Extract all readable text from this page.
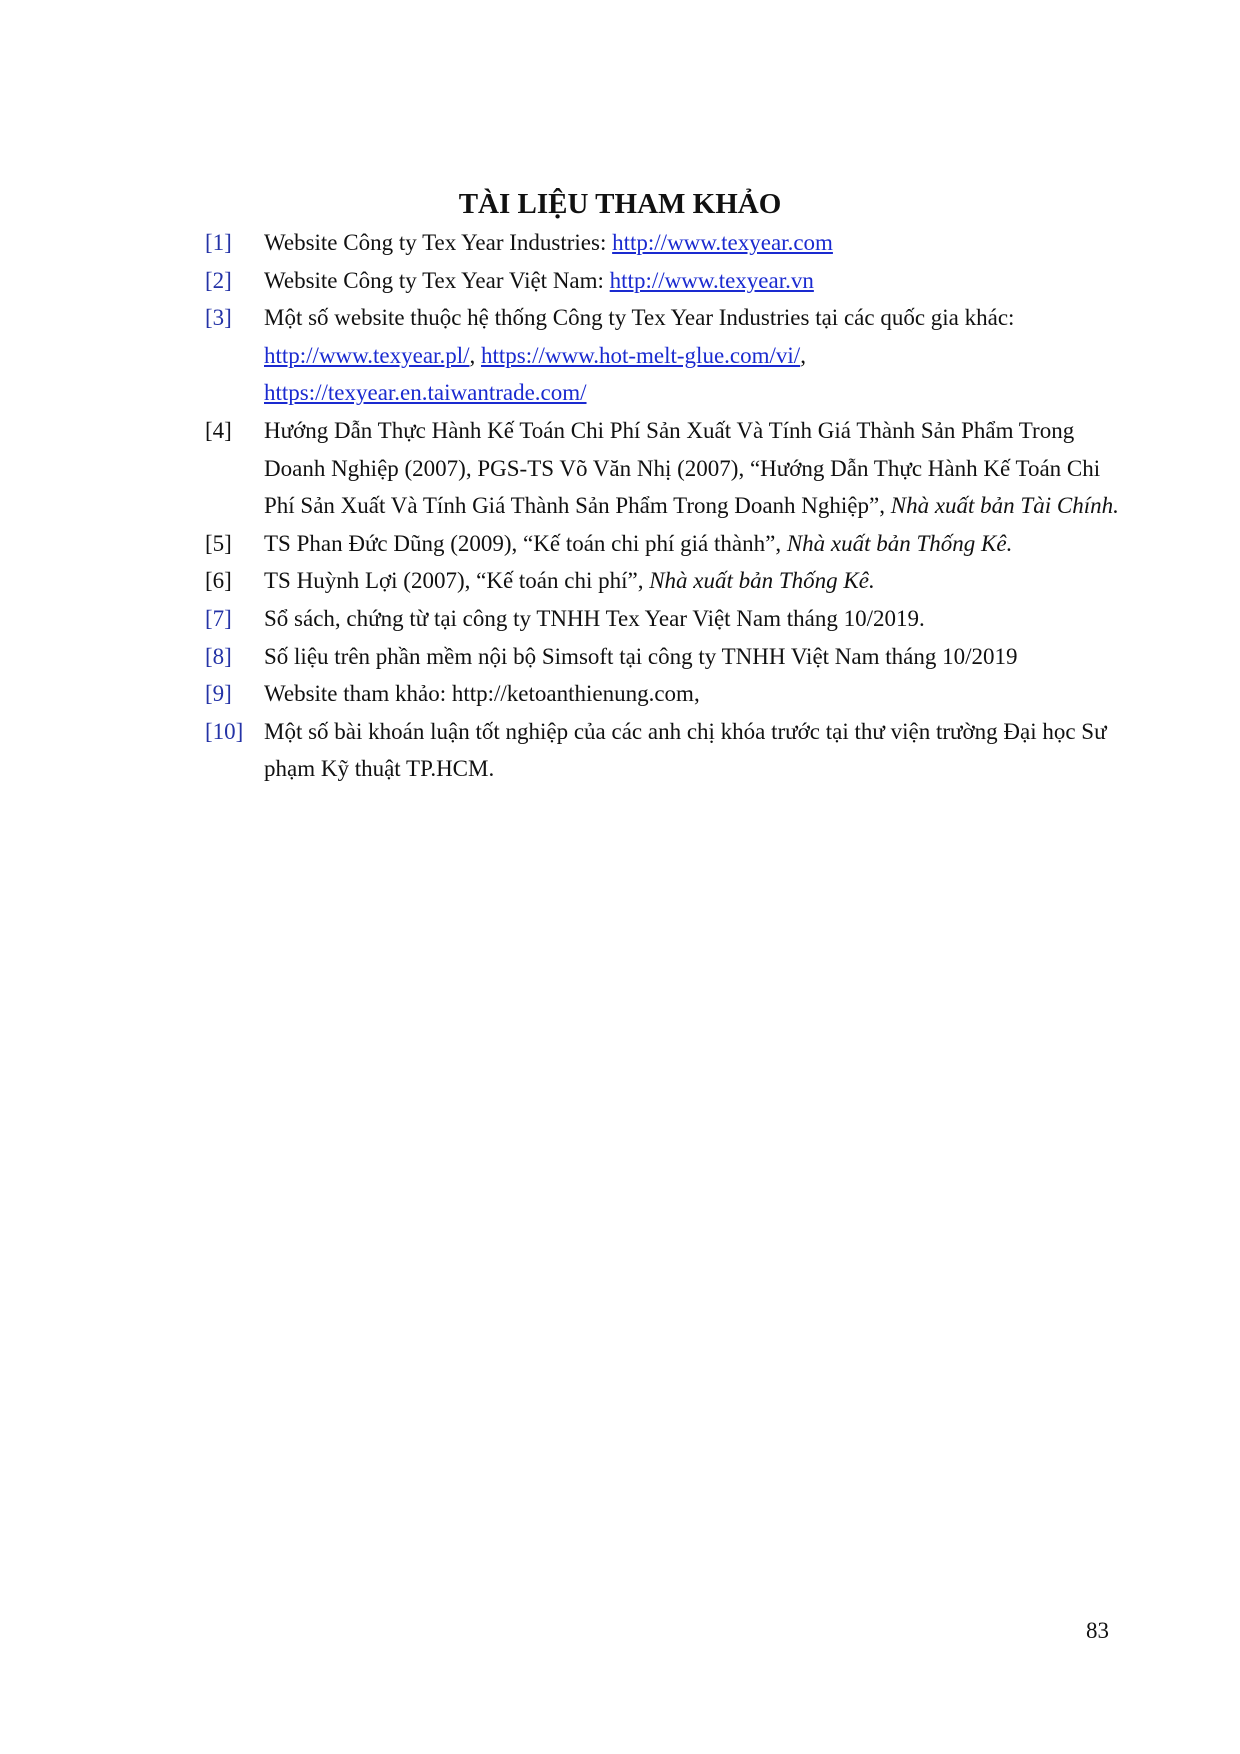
TÀI LIỆU THAM KHẢO
[1] Website Công ty Tex Year Industries: http://www.texyear.com
[2] Website Công ty Tex Year Việt Nam: http://www.texyear.vn
[3] Một số website thuộc hệ thống Công ty Tex Year Industries tại các quốc gia khác: http://www.texyear.pl/, https://www.hot-melt-glue.com/vi/, https://texyear.en.taiwantrade.com/
[4] Hướng Dẫn Thực Hành Kế Toán Chi Phí Sản Xuất Và Tính Giá Thành Sản Phẩm Trong Doanh Nghiệp (2007), PGS-TS Võ Văn Nhị (2007), “Hướng Dẫn Thực Hành Kế Toán Chi Phí Sản Xuất Và Tính Giá Thành Sản Phẩm Trong Doanh Nghiệp”, Nhà xuất bản Tài Chính.
[5] TS Phan Đức Dũng (2009), “Kế toán chi phí giá thành”, Nhà xuất bản Thống Kê.
[6] TS Huỳnh Lợi (2007), “Kế toán chi phí”, Nhà xuất bản Thống Kê.
[7] Sổ sách, chứng từ tại công ty TNHH Tex Year Việt Nam tháng 10/2019.
[8] Số liệu trên phần mềm nội bộ Simsoft tại công ty TNHH Việt Nam tháng 10/2019
[9] Website tham khảo: http://ketoanthienung.com,
[10] Một số bài khoán luận tốt nghiệp của các anh chị khóa trước tại thư viện trường Đại học Sư phạm Kỹ thuật TP.HCM.
83
